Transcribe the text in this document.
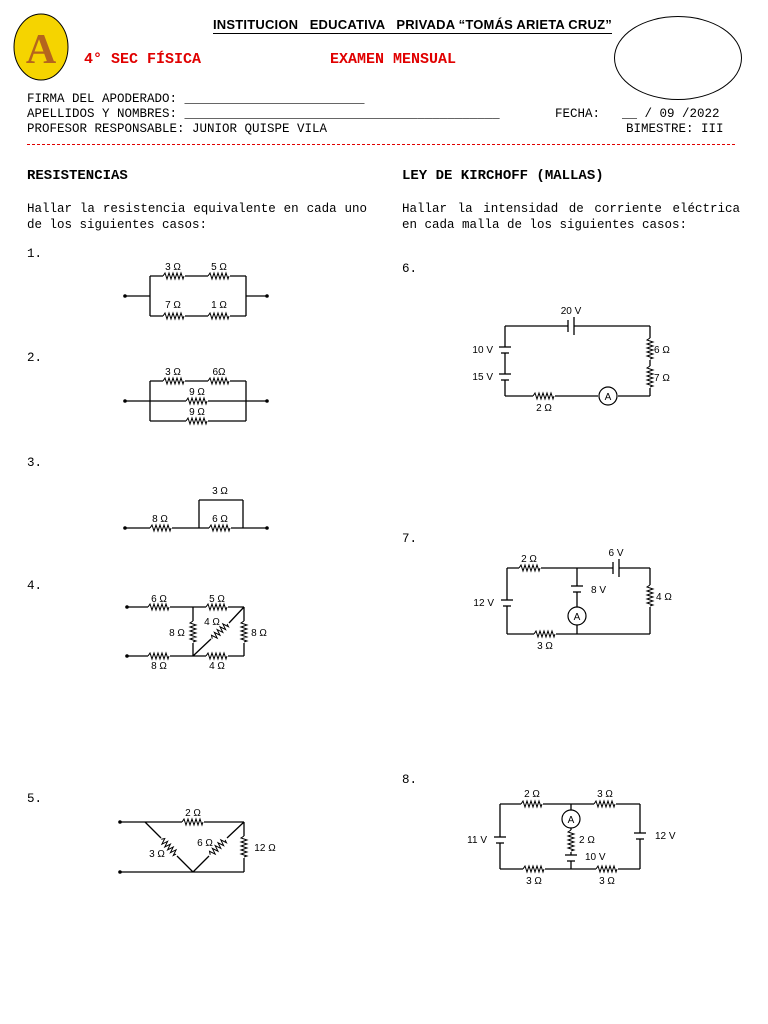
A
INSTITUCION   EDUCATIVA   PRIVADA “TOMÁS ARIETA CRUZ”
4° SEC FÍSICA	EXAMEN MENSUAL
FIRMA DEL APODERADO: ________________________
APELLIDOS Y NOMBRES: __________________________________________	FECHA: __ / 09 /2022
PROFESOR RESPONSABLE: JUNIOR QUISPE VILA	BIMESTRE: III
RESISTENCIAS
Hallar la resistencia equivalente en cada uno de los siguientes casos:
1.
2.
3.
4.
5.
LEY DE KIRCHOFF (MALLAS)
Hallar la intensidad de corriente eléctrica en cada malla de los siguientes casos:
6.
7.
8.
3 Ω	5 Ω
7 Ω	1 Ω
3 Ω	6Ω
9 Ω
9 Ω
3 Ω
8 Ω	6 Ω
6 Ω	5 Ω
4 Ω
8 Ω	8 Ω
8 Ω	4 Ω
2 Ω
6 Ω
3 Ω
12 Ω
A
20 V
10 V
15 V
6 Ω
7 Ω
2 Ω
A
2 Ω
6 V
8 V
12 V
4 Ω
3 Ω
A
2 Ω	3 Ω
11 V	12 V
2 Ω
10 V
3 Ω	3 Ω
